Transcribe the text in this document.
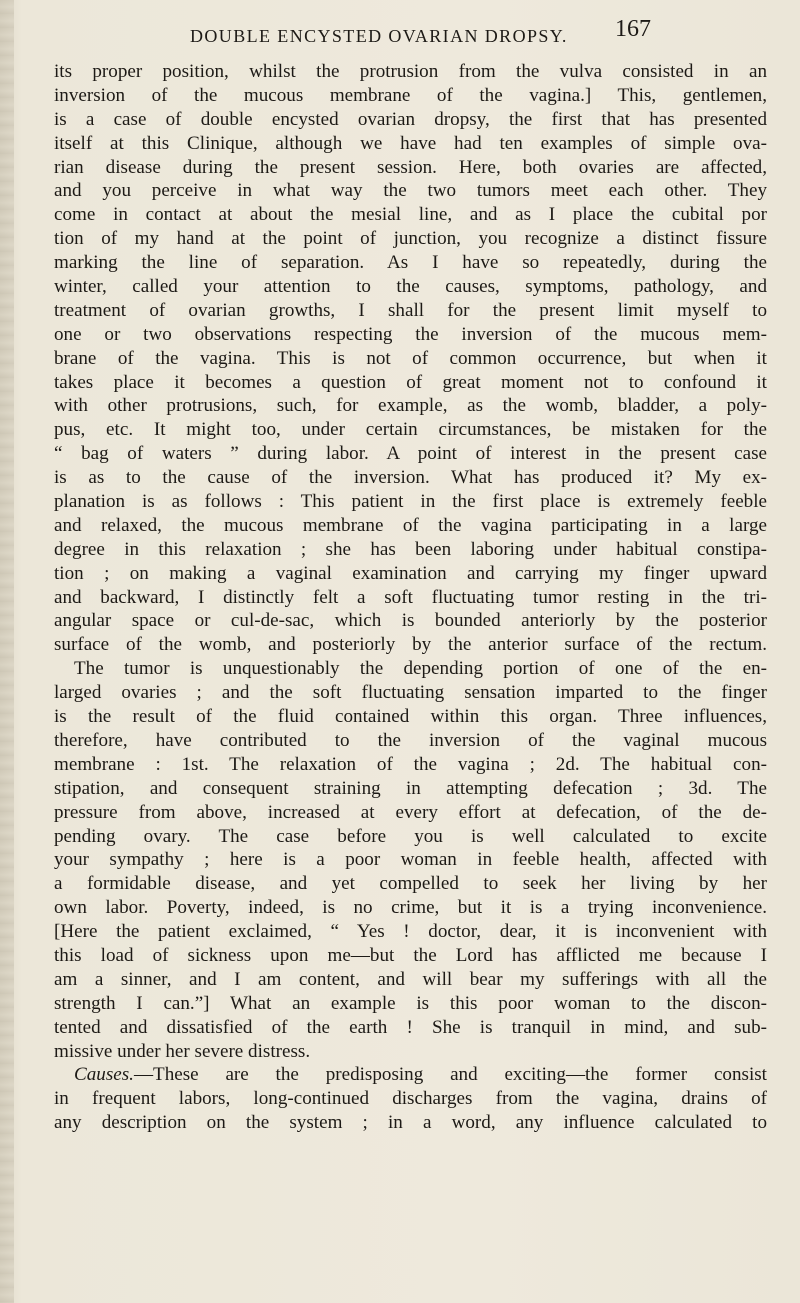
DOUBLE ENCYSTED OVARIAN DROPSY. 167
its proper position, whilst the protrusion from the vulva consisted in an
inversion of the mucous membrane of the vagina.] This, gentlemen,
is a case of double encysted ovarian dropsy, the first that has presented
itself at this Clinique, although we have had ten examples of simple ova-
rian disease during the present session. Here, both ovaries are affected,
and you perceive in what way the two tumors meet each other. They
come in contact at about the mesial line, and as I place the cubital por
tion of my hand at the point of junction, you recognize a distinct fissure
marking the line of separation. As I have so repeatedly, during the
winter, called your attention to the causes, symptoms, pathology, and
treatment of ovarian growths, I shall for the present limit myself to
one or two observations respecting the inversion of the mucous mem-
brane of the vagina. This is not of common occurrence, but when it
takes place it becomes a question of great moment not to confound it
with other protrusions, such, for example, as the womb, bladder, a poly-
pus, etc. It might too, under certain circumstances, be mistaken for the
“ bag of waters ” during labor. A point of interest in the present case
is as to the cause of the inversion. What has produced it? My ex-
planation is as follows : This patient in the first place is extremely feeble
and relaxed, the mucous membrane of the vagina participating in a large
degree in this relaxation ; she has been laboring under habitual constipa-
tion ; on making a vaginal examination and carrying my finger upward
and backward, I distinctly felt a soft fluctuating tumor resting in the tri-
angular space or cul-de-sac, which is bounded anteriorly by the posterior
surface of the womb, and posteriorly by the anterior surface of the rectum.
The tumor is unquestionably the depending portion of one of the en-
larged ovaries ; and the soft fluctuating sensation imparted to the finger
is the result of the fluid contained within this organ. Three influences,
therefore, have contributed to the inversion of the vaginal mucous
membrane : 1st. The relaxation of the vagina ; 2d. The habitual con-
stipation, and consequent straining in attempting defecation ; 3d. The
pressure from above, increased at every effort at defecation, of the de-
pending ovary. The case before you is well calculated to excite
your sympathy ; here is a poor woman in feeble health, affected with
a formidable disease, and yet compelled to seek her living by her
own labor. Poverty, indeed, is no crime, but it is a trying inconvenience.
[Here the patient exclaimed, “ Yes ! doctor, dear, it is inconvenient with
this load of sickness upon me—but the Lord has afflicted me because I
am a sinner, and I am content, and will bear my sufferings with all the
strength I can.”] What an example is this poor woman to the discon-
tented and dissatisfied of the earth ! She is tranquil in mind, and sub-
missive under her severe distress.
Causes.—These are the predisposing and exciting—the former consist
in frequent labors, long-continued discharges from the vagina, drains of
any description on the system ; in a word, any influence calculated to
